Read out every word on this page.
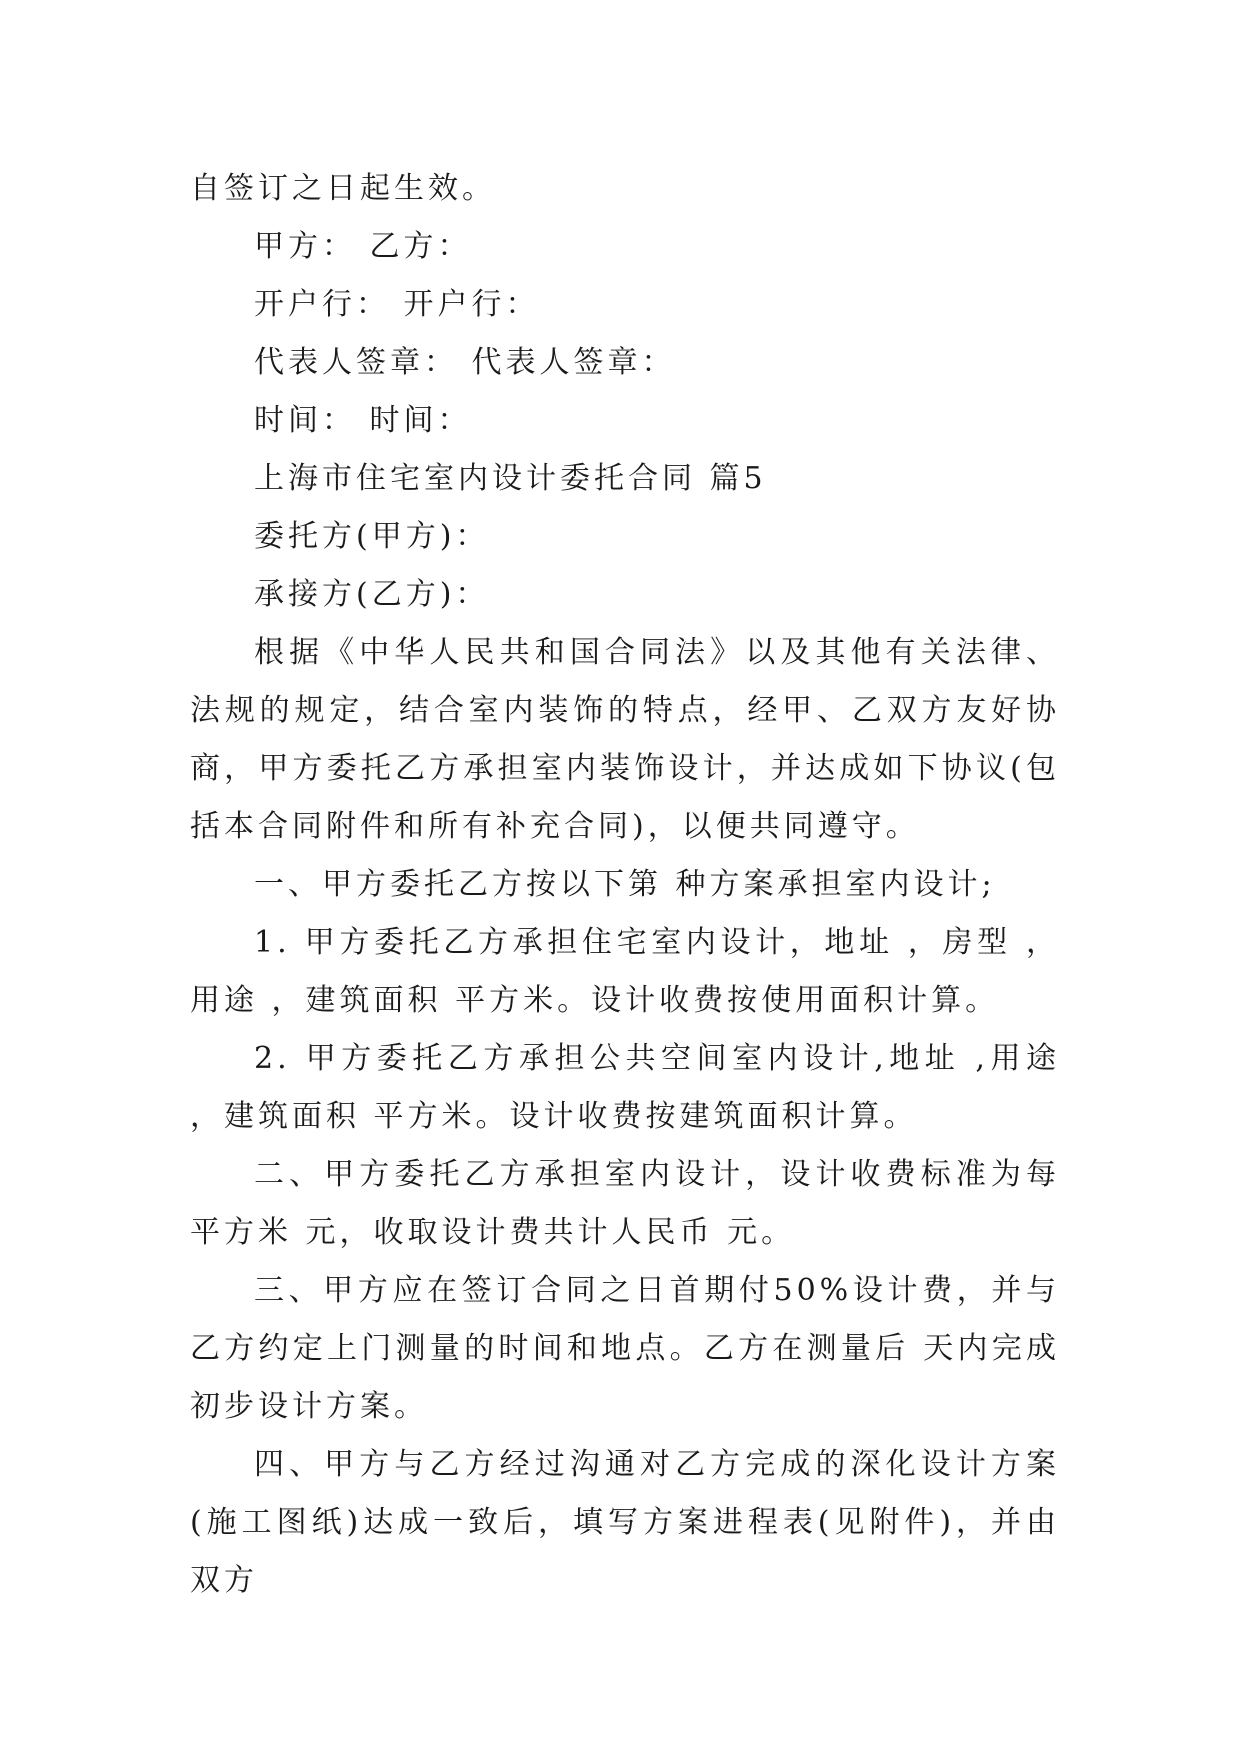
自签订之日起生效。

甲方： 乙方：

开户行： 开户行：

代表人签章： 代表人签章：

时间： 时间：

上海市住宅室内设计委托合同 篇5

委托方(甲方)：

承接方(乙方)：

根据《中华人民共和国合同法》以及其他有关法律、法规的规定，结合室内装饰的特点，经甲、乙双方友好协商，甲方委托乙方承担室内装饰设计，并达成如下协议(包括本合同附件和所有补充合同)，以便共同遵守。

一、甲方委托乙方按以下第 种方案承担室内设计;

1. 甲方委托乙方承担住宅室内设计，地址 ，房型 ，用途 ，建筑面积 平方米。设计收费按使用面积计算。

2. 甲方委托乙方承担公共空间室内设计,地址 ,用途 ，建筑面积 平方米。设计收费按建筑面积计算。

二、甲方委托乙方承担室内设计，设计收费标准为每平方米 元，收取设计费共计人民币 元。

三、甲方应在签订合同之日首期付50%设计费，并与乙方约定上门测量的时间和地点。乙方在测量后 天内完成初步设计方案。

四、甲方与乙方经过沟通对乙方完成的深化设计方案(施工图纸)达成一致后，填写方案进程表(见附件)，并由双方
